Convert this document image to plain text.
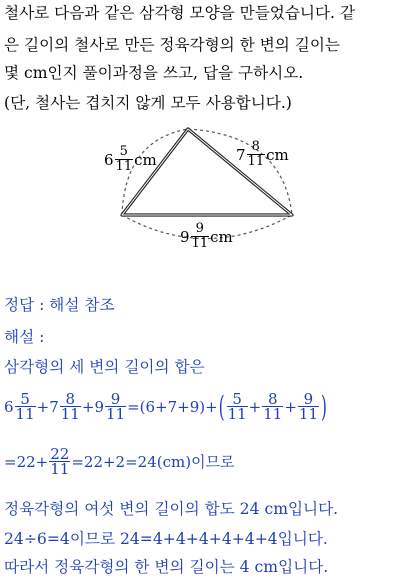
철사로 다음과 같은 삼각형 모양을 만들었습니다. 같
은 길이의 철사로 만든 정육각형의 한 변의 길이는
몇 cm인지 풀이과정을 쓰고, 답을 구하시오.
(단, 철사는 겹치지 않게 모두 사용합니다.)
$6 \frac{5}{11}$ cm	$7 \frac{8}{11}$ cm
$9 \frac{9}{11}$ cm
정답 : 해설 참조
해설 :
삼각형의 세 변의 길이의 합은
$6 \frac{5}{11} + 7 \frac{8}{11} + 9 \frac{9}{11} = (6+7+9)+$ ( $\frac{5}{11} + \frac{8}{11} + \frac{9}{11}$ )
$=22+ \frac{22}{11} =22+2=24(cm)$이므로
정육각형의 여섯 변의 길이의 합도 24 cm입니다.
24÷6=4이므로 24=4+4+4+4+4+4입니다.
따라서 정육각형의 한 변의 길이는 4 cm입니다.
